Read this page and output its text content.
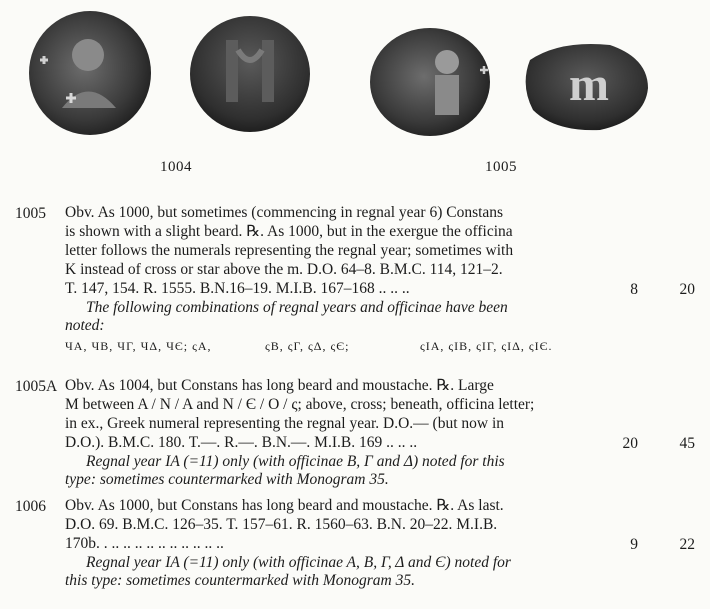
m
1004	1005
1005 Obv. As 1000, but sometimes (commencing in regnal year 6) Constans
is shown with a slight beard. ℞. As 1000, but in the exergue the officina
letter follows the numerals representing the regnal year; sometimes with
K instead of cross or star above the m. D.O. 64–8. B.M.C. 114, 121–2.
T. 147, 154. R. 1555. B.N.16–19. M.I.B. 167–168 .. .. ..
The following combinations of regnal years and officinae have been
noted:
ЧA, ЧB, ЧΓ, ЧΔ, ЧЄ; ςA,	ςB, ςΓ, ςΔ, ςЄ;	ςIA, ςIB, ςIΓ, ςIΔ, ςIЄ.
8	20
1005A Obv. As 1004, but Constans has long beard and moustache. ℞. Large
M between A / N / A and N / Є / O / ς; above, cross; beneath, officina letter;
in ex., Greek numeral representing the regnal year. D.O.— (but now in
D.O.). B.M.C. 180. T.—. R.—. B.N.—. M.I.B. 169 .. .. ..
Regnal year IA (=11) only (with officinae B, Γ and Δ) noted for this
type: sometimes countermarked with Monogram 35.
20	45
1006 Obv. As 1000, but Constans has long beard and moustache. ℞. As last.
D.O. 69. B.M.C. 126–35. T. 157–61. R. 1560–63. B.N. 20–22. M.I.B.
170b. . .. .. .. .. .. .. .. .. .. ..
Regnal year IA (=11) only (with officinae A, B, Γ, Δ and Є) noted for
this type: sometimes countermarked with Monogram 35.
9	22
